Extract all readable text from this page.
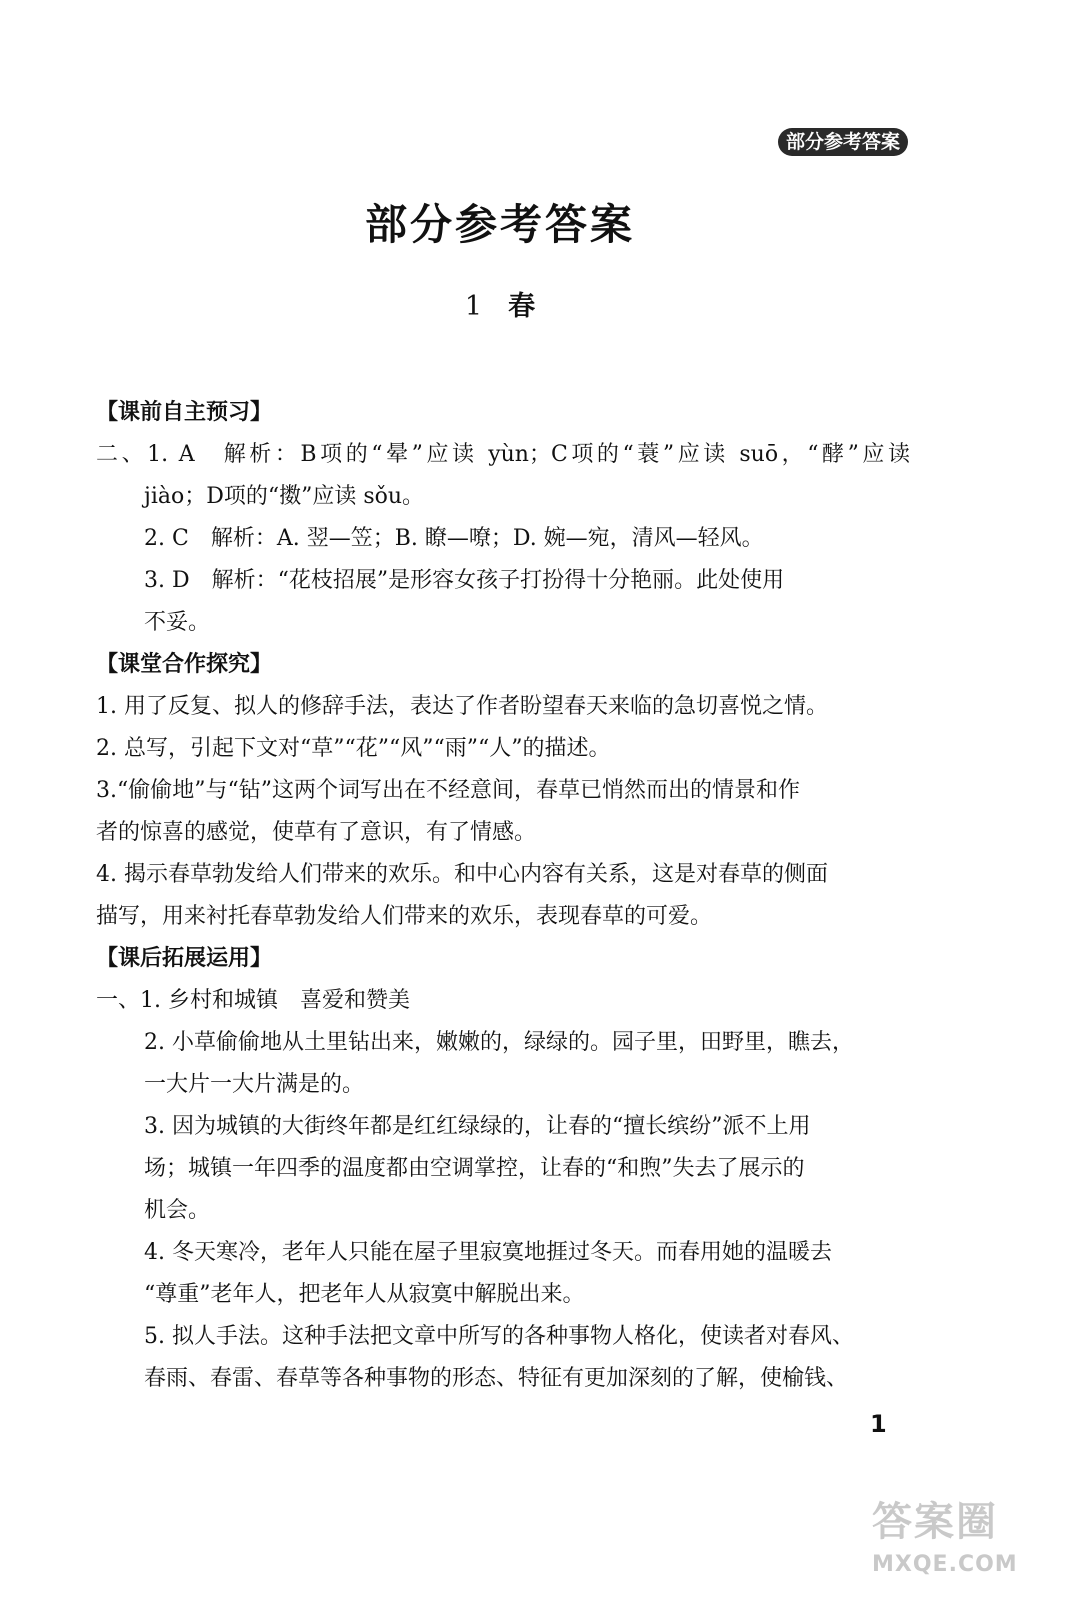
部分参考答案
部分参考答案
1 春
【课前自主预习】
二、1. A　解析：B项的“晕”应读 yùn；C项的“蓑”应读 suō，“酵”应读
jiào；D项的“擞”应读 sǒu。
2. C　解析：A. 翌—笠；B. 瞭—嘹；D. 婉—宛，清风—轻风。
3. D　解析：“花枝招展”是形容女孩子打扮得十分艳丽。此处使用
不妥。
【课堂合作探究】
1. 用了反复、拟人的修辞手法，表达了作者盼望春天来临的急切喜悦之情。
2. 总写，引起下文对“草”“花”“风”“雨”“人”的描述。
3.“偷偷地”与“钻”这两个词写出在不经意间，春草已悄然而出的情景和作
者的惊喜的感觉，使草有了意识，有了情感。
4. 揭示春草勃发给人们带来的欢乐。和中心内容有关系，这是对春草的侧面
描写，用来衬托春草勃发给人们带来的欢乐，表现春草的可爱。
【课后拓展运用】
一、1. 乡村和城镇　喜爱和赞美
2. 小草偷偷地从土里钻出来，嫩嫩的，绿绿的。园子里，田野里，瞧去，
一大片一大片满是的。
3. 因为城镇的大街终年都是红红绿绿的，让春的“擅长缤纷”派不上用
场；城镇一年四季的温度都由空调掌控，让春的“和煦”失去了展示的
机会。
4. 冬天寒冷，老年人只能在屋子里寂寞地捱过冬天。而春用她的温暖去
“尊重”老年人，把老年人从寂寞中解脱出来。
5. 拟人手法。这种手法把文章中所写的各种事物人格化，使读者对春风、
春雨、春雷、春草等各种事物的形态、特征有更加深刻的了解，使榆钱、
1
答案圈
MXQE.COM
